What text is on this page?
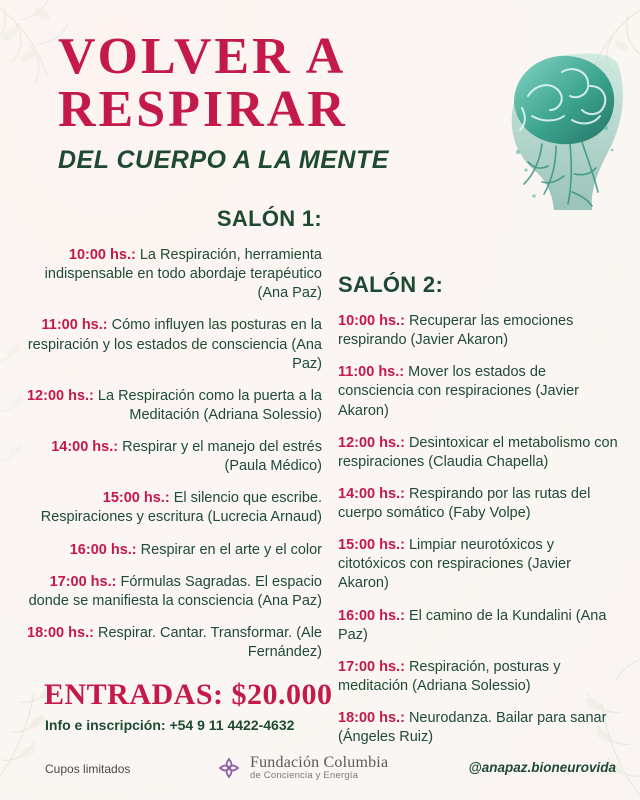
VOLVER A
RESPIRAR
DEL CUERPO A LA MENTE
SALÓN 1:
10:00 hs.: La Respiración, herramienta indispensable en todo abordaje terapéutico (Ana Paz)
11:00 hs.: Cómo influyen las posturas en la respiración y los estados de consciencia (Ana Paz)
12:00 hs.: La Respiración como la puerta a la Meditación (Adriana Solessio)
14:00 hs.: Respirar y el manejo del estrés (Paula Médico)
15:00 hs.: El silencio que escribe. Respiraciones y escritura (Lucrecia Arnaud)
16:00 hs.: Respirar en el arte y el color
17:00 hs.: Fórmulas Sagradas. El espacio donde se manifiesta la consciencia (Ana Paz)
18:00 hs.: Respirar. Cantar. Transformar. (Ale Fernández)
SALÓN 2:
10:00 hs.: Recuperar las emociones respirando (Javier Akaron)
11:00 hs.: Mover los estados de consciencia con respiraciones (Javier Akaron)
12:00 hs.: Desintoxicar el metabolismo con respiraciones (Claudia Chapella)
14:00 hs.: Respirando por las rutas del cuerpo somático (Faby Volpe)
15:00 hs.: Limpiar neurotóxicos y citotóxicos con respiraciones (Javier Akaron)
16:00 hs.: El camino de la Kundalini (Ana Paz)
17:00 hs.: Respiración, posturas y meditación (Adriana Solessio)
18:00 hs.: Neurodanza. Bailar para sanar (Ángeles Ruiz)
ENTRADAS: $20.000
Info e inscripción: +54 9 11 4422-4632
Cupos limitados	Fundación Columbia
de Conciencia y Energía
@anapaz.bioneurovida
